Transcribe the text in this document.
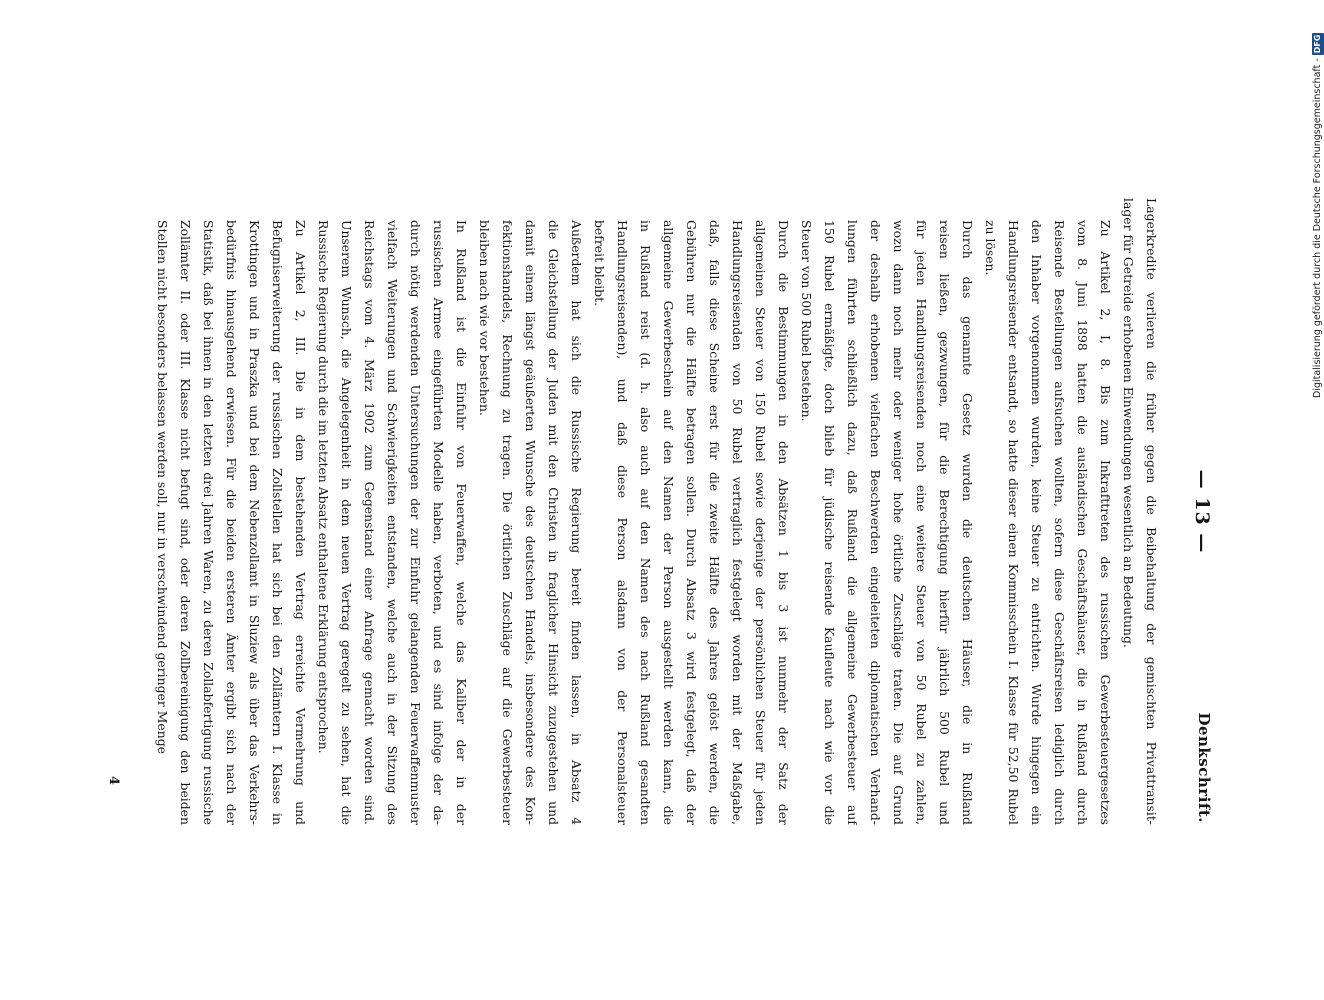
— 13 —
Denkschrift.
Lagerkredite verlieren die früher gegen die Beibehaltung der gemischten Privattransit-
lager für Getreide erhobenen Einwendungen wesentlich an Bedeutung.
Zu Artikel 2, I, 8. Bis zum Inkrafttreten des russischen Gewerbesteuergesetzes
vom 8. Juni 1898 hatten die ausländischen Geschäftshäuser, die in Rußland durch
Reisende Bestellungen aufsuchen wollten, sofern diese Geschäftsreisen lediglich durch
den Inhaber vorgenommen wurden, keine Steuer zu entrichten. Wurde hingegen ein
Handlungsreisender entsandt, so hatte dieser einen Kommisschein I. Klasse für 52,50 Rubel
zu lösen.
Durch das genannte Gesetz wurden die deutschen Häuser, die in Rußland
reisen ließen, gezwungen, für die Berechtigung hierfür jährlich 500 Rubel und
für jeden Handlungsreisenden noch eine weitere Steuer von 50 Rubel zu zahlen,
wozu dann noch mehr oder weniger hohe örtliche Zuschläge traten. Die auf Grund
der deshalb erhobenen vielfachen Beschwerden eingeleiteten diplomatischen Verhand-
lungen führten schließlich dazu, daß Rußland die allgemeine Gewerbesteuer auf
150 Rubel ermäßigte, doch blieb für jüdische reisende Kaufleute nach wie vor die
Steuer von 500 Rubel bestehen.
Durch die Bestimmungen in den Absätzen 1 bis 3 ist nunmehr der Satz der
allgemeinen Steuer von 150 Rubel sowie derjenige der persönlichen Steuer für jeden
Handlungsreisenden von 50 Rubel vertraglich festgelegt worden mit der Maßgabe,
daß, falls diese Scheine erst für die zweite Hälfte des Jahres gelöst werden, die
Gebühren nur die Hälfte betragen sollen. Durch Absatz 3 wird festgelegt, daß der
allgemeine Gewerbeschein auf den Namen der Person ausgestellt werden kann, die
in Rußland reist (d. h. also auch auf den Namen des nach Rußland gesandten
Handlungsreisenden), und daß diese Person alsdann von der Personalsteuer
befreit bleibt.
Außerdem hat sich die Russische Regierung bereit finden lassen, in Absatz 4
die Gleichstellung der Juden mit den Christen in fraglicher Hinsicht zuzugestehen und
damit einem längst geäußerten Wunsche des deutschen Handels, insbesondere des Kon-
fektionshandels, Rechnung zu tragen. Die örtlichen Zuschläge auf die Gewerbesteuer
bleiben nach wie vor bestehen.
In Rußland ist die Einfuhr von Feuerwaffen, welche das Kaliber der in der
russischen Armee eingeführten Modelle haben, verboten, und es sind infolge der da-
durch nötig werdenden Untersuchungen der zur Einfuhr gelangenden Feuerwaffenmuster
vielfach Weiterungen und Schwierigkeiten entstanden, welche auch in der Sitzung des
Reichstags vom 4. März 1902 zum Gegenstand einer Anfrage gemacht worden sind.
Unserem Wunsch, die Angelegenheit in dem neuen Vertrag geregelt zu sehen, hat die
Russische Regierung durch die im letzten Absatz enthaltene Erklärung entsprochen.
Zu Artikel 2, III. Die in dem bestehenden Vertrag erreichte Vermehrung und
Befugniserweiterung der russischen Zollstellen hat sich bei den Zollämtern I. Klasse in
Krottingen und in Praszka und bei dem Nebenzollamt in Sluziew als über das Verkehrs-
bedürfnis hinausgehend erwiesen. Für die beiden ersteren Ämter ergibt sich nach der
Statistik, daß bei ihnen in den letzten drei Jahren Waren, zu deren Zollabfertigung russische
Zollämter II. oder III. Klasse nicht befugt sind, oder deren Zollbereinigung den beiden
Stellen nicht besonders belassen werden soll, nur in verschwindend geringer Menge
4
Digitalisierung gefördert durch die Deutsche Forschungsgemeinschaft -
DFG
